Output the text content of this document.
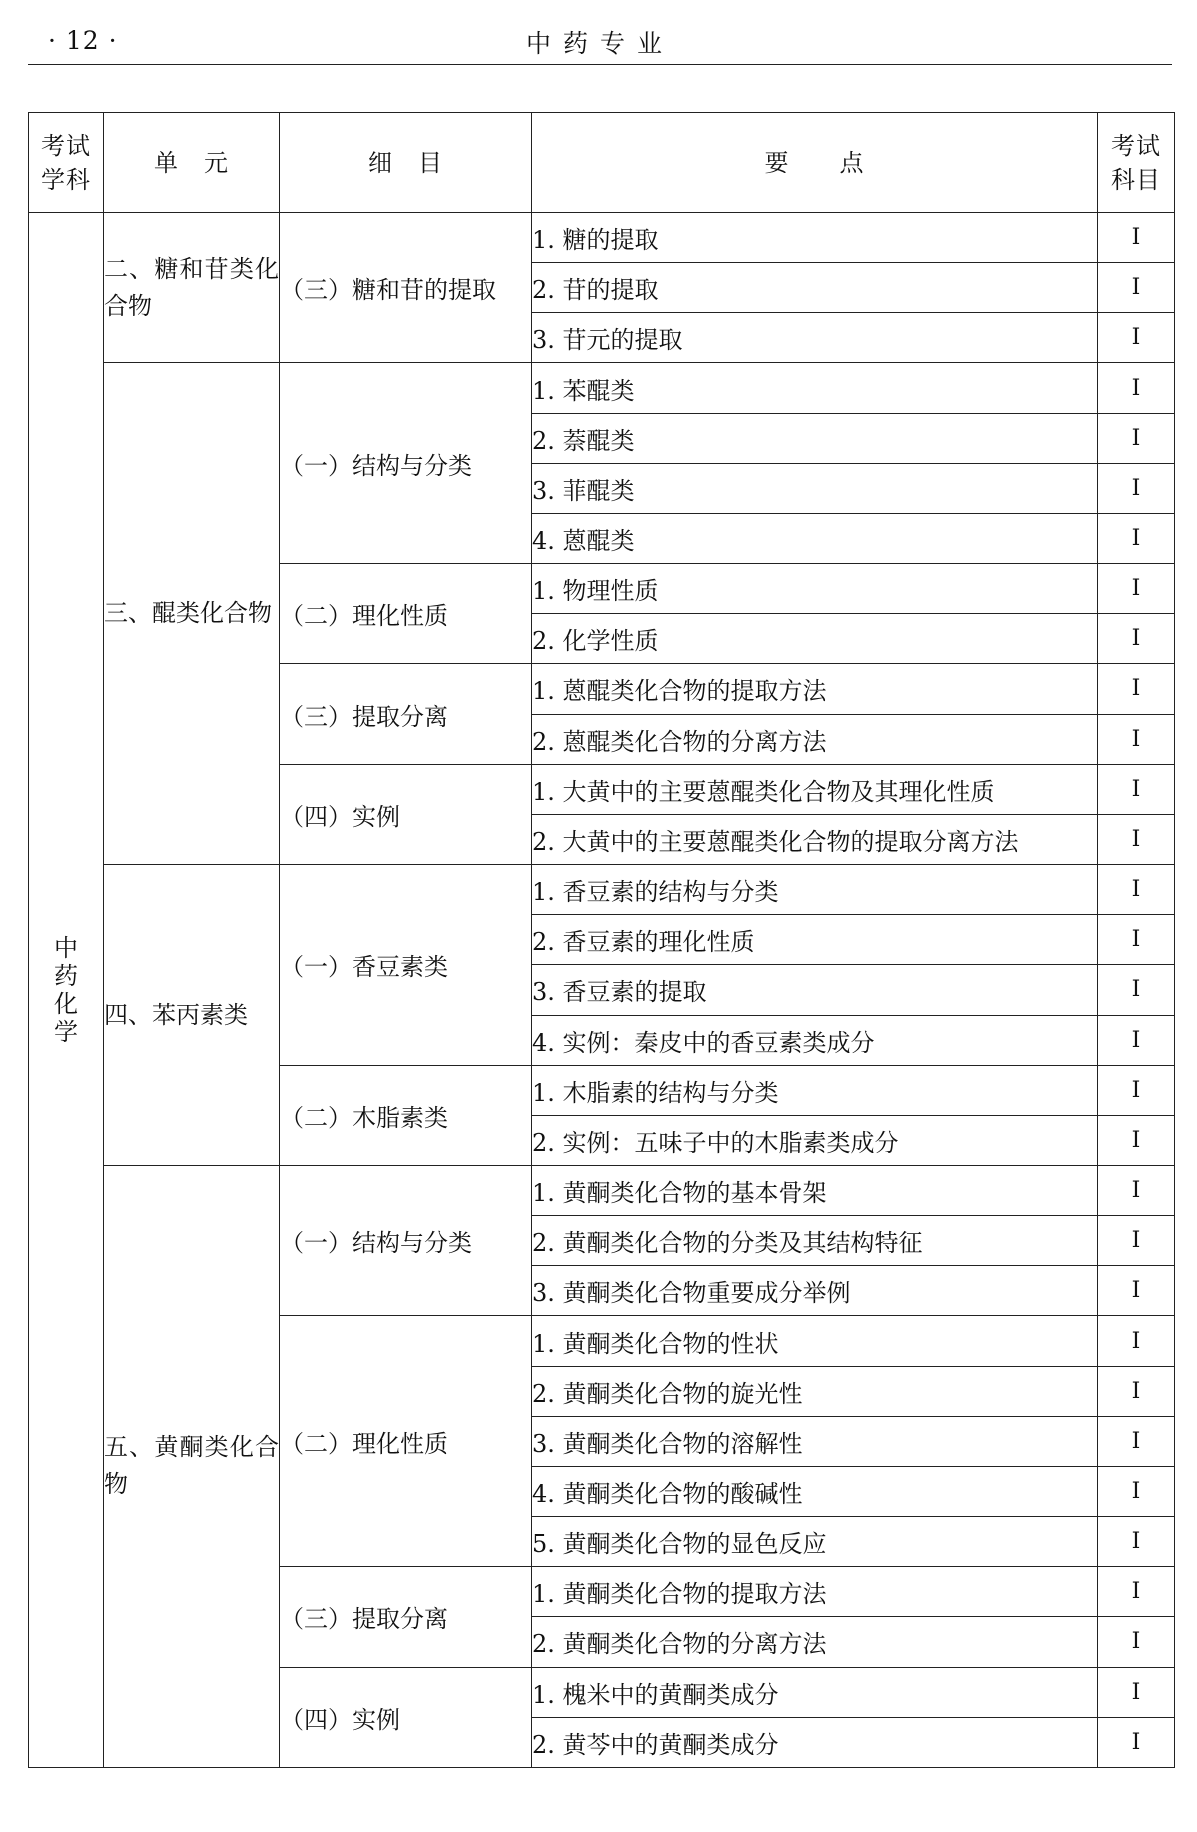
· 12 ·	中药专业
考试学科	单　元	细　目	要　　点	考试科目
中药化学	二、糖和苷类化合物	（三）糖和苷的提取	1. 糖的提取	Ⅰ
			2. 苷的提取	Ⅰ
			3. 苷元的提取	Ⅰ
	三、醌类化合物	（一）结构与分类	1. 苯醌类	Ⅰ
			2. 萘醌类	Ⅰ
			3. 菲醌类	Ⅰ
			4. 蒽醌类	Ⅰ
		（二）理化性质	1. 物理性质	Ⅰ
			2. 化学性质	Ⅰ
		（三）提取分离	1. 蒽醌类化合物的提取方法	Ⅰ
			2. 蒽醌类化合物的分离方法	Ⅰ
		（四）实例	1. 大黄中的主要蒽醌类化合物及其理化性质	Ⅰ
			2. 大黄中的主要蒽醌类化合物的提取分离方法	Ⅰ
	四、苯丙素类	（一）香豆素类	1. 香豆素的结构与分类	Ⅰ
			2. 香豆素的理化性质	Ⅰ
			3. 香豆素的提取	Ⅰ
			4. 实例：秦皮中的香豆素类成分	Ⅰ
		（二）木脂素类	1. 木脂素的结构与分类	Ⅰ
			2. 实例：五味子中的木脂素类成分	Ⅰ
	五、黄酮类化合物	（一）结构与分类	1. 黄酮类化合物的基本骨架	Ⅰ
			2. 黄酮类化合物的分类及其结构特征	Ⅰ
			3. 黄酮类化合物重要成分举例	Ⅰ
		（二）理化性质	1. 黄酮类化合物的性状	Ⅰ
			2. 黄酮类化合物的旋光性	Ⅰ
			3. 黄酮类化合物的溶解性	Ⅰ
			4. 黄酮类化合物的酸碱性	Ⅰ
			5. 黄酮类化合物的显色反应	Ⅰ
		（三）提取分离	1. 黄酮类化合物的提取方法	Ⅰ
			2. 黄酮类化合物的分离方法	Ⅰ
		（四）实例	1. 槐米中的黄酮类成分	Ⅰ
			2. 黄芩中的黄酮类成分	Ⅰ
